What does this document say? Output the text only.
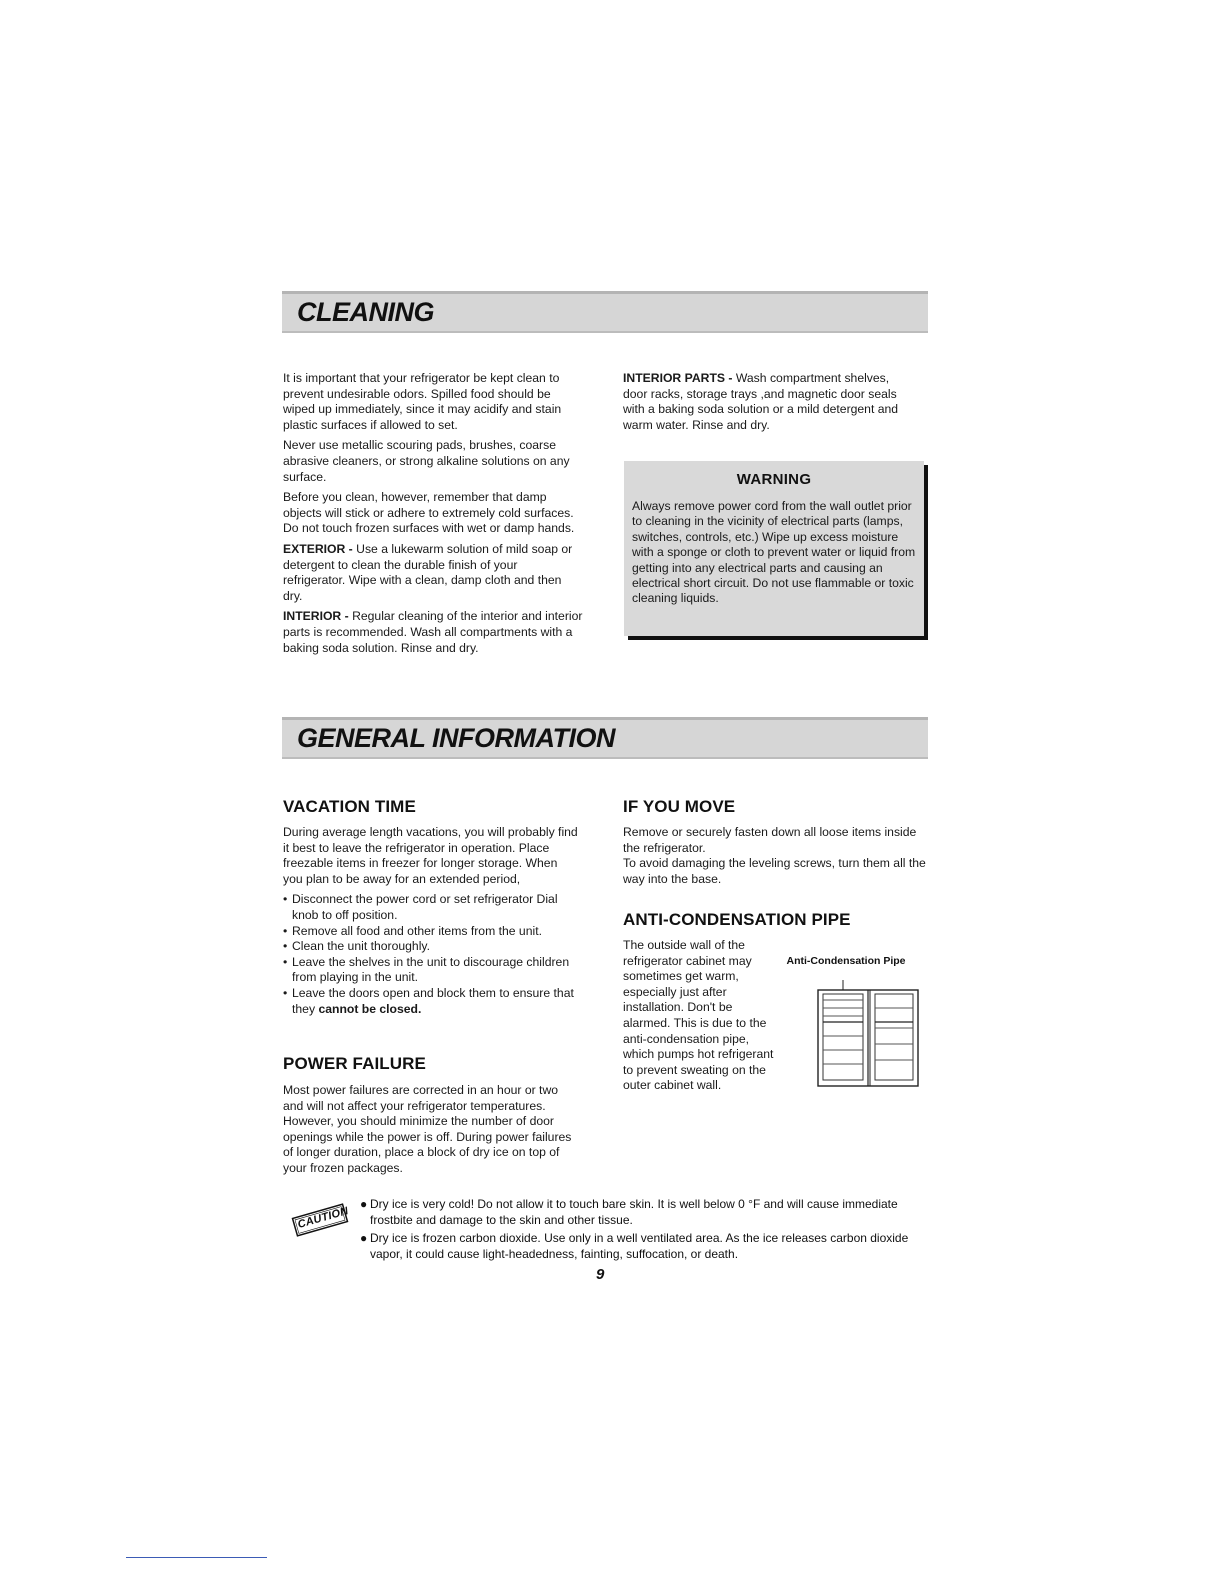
CLEANING

It is important that your refrigerator be kept clean to prevent undesirable odors. Spilled food should be wiped up immediately, since it may acidify and stain plastic surfaces if allowed to set.

Never use metallic scouring pads, brushes, coarse abrasive cleaners, or strong alkaline solutions on any surface.

Before you clean, however, remember that damp objects will stick or adhere to extremely cold surfaces. Do not touch frozen surfaces with wet or damp hands.

EXTERIOR - Use a lukewarm solution of mild soap or detergent to clean the durable finish of your refrigerator. Wipe with a clean, damp cloth and then dry.

INTERIOR - Regular cleaning of the interior and interior parts is recommended. Wash all compartments with a baking soda solution. Rinse and dry.

INTERIOR PARTS - Wash compartment shelves, door racks, storage trays ,and magnetic door seals with a baking soda solution or a mild detergent and warm water. Rinse and dry.

WARNING
Always remove power cord from the wall outlet prior to cleaning in the vicinity of electrical parts (lamps, switches, controls, etc.) Wipe up excess moisture with a sponge or cloth to prevent water or liquid from getting into any electrical parts and causing an electrical short circuit. Do not use flammable or toxic cleaning liquids.
GENERAL INFORMATION
VACATION TIME

During average length vacations, you will probably find it best to leave the refrigerator in operation. Place freezable items in freezer for longer storage. When you plan to be away for an extended period,

• Disconnect the power cord or set refrigerator Dial knob to off position.
• Remove all food and other items from the unit.
• Clean the unit thoroughly.
• Leave the shelves in the unit to discourage children from playing in the unit.
• Leave the doors open and block them to ensure that they cannot be closed.
POWER FAILURE

Most power failures are corrected in an hour or two and will not affect your refrigerator temperatures. However, you should minimize the number of door openings while the power is off. During power failures of longer duration, place a block of dry ice on top of your frozen packages.

IF YOU MOVE
Remove or securely fasten down all loose items inside the refrigerator.
To avoid damaging the leveling screws, turn them all the way into the base.
ANTI-CONDENSATION PIPE

The outside wall of the refrigerator cabinet may sometimes get warm, especially just after installation. Don't be alarmed. This is due to the anti-condensation pipe, which pumps hot refrigerant to prevent sweating on the outer cabinet wall.

Anti-Condensation Pipe
CAUTION
● Dry ice is very cold! Do not allow it to touch bare skin. It is well below 0 °F and will cause immediate frostbite and damage to the skin and other tissue.
● Dry ice is frozen carbon dioxide. Use only in a well ventilated area. As the ice releases carbon dioxide vapor, it could cause light-headedness, fainting, suffocation, or death.
9
